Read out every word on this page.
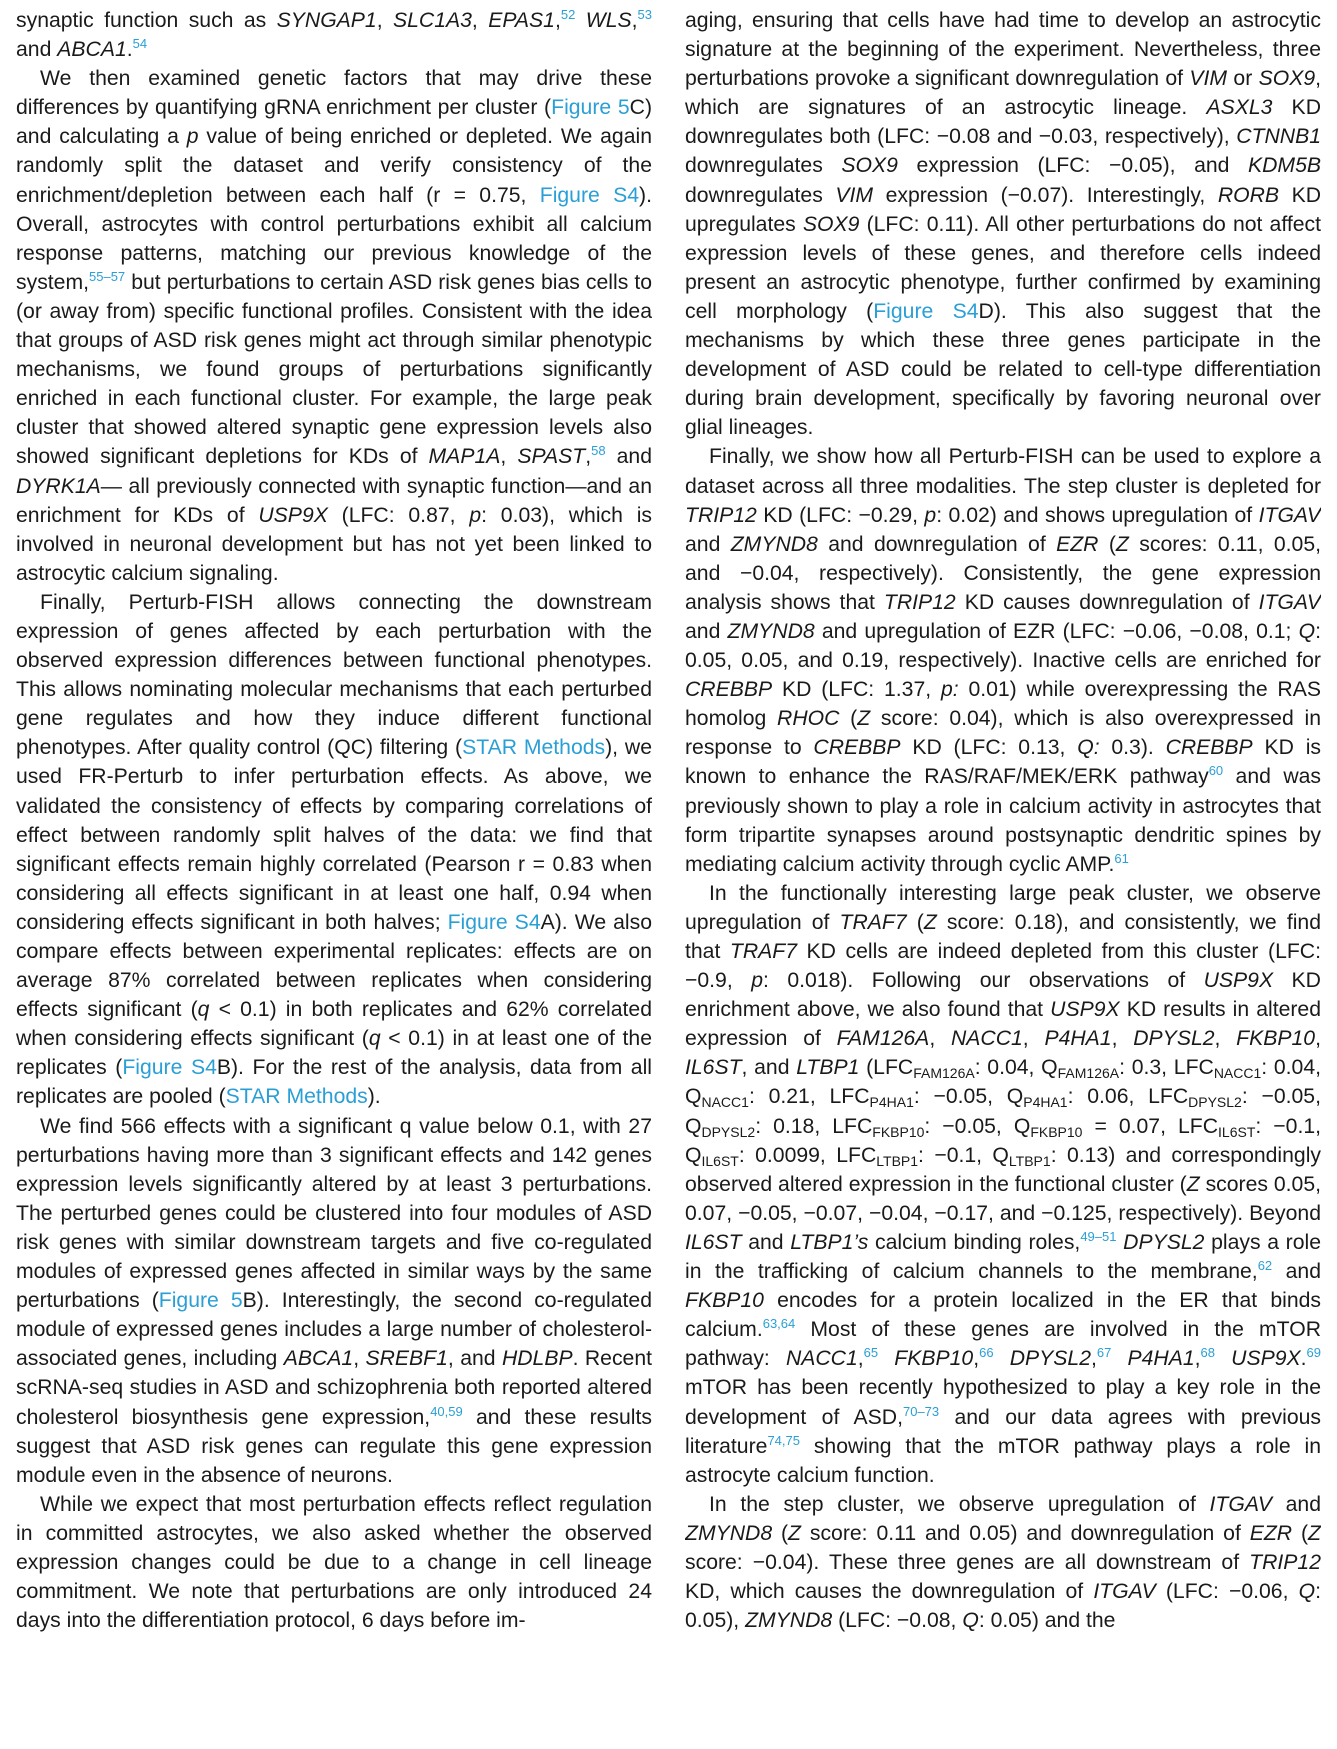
synaptic function such as SYNGAP1, SLC1A3, EPAS1,52 WLS,$^{53}$ and ABCA1.54

We then examined genetic factors that may drive these differences by quantifying gRNA enrichment per cluster (Figure 5C) and calculating a p value of being enriched or depleted. We again randomly split the dataset and verify consistency of the enrichment/depletion between each half (r = 0.75, Figure S4). Overall, astrocytes with control perturbations exhibit all calcium response patterns, matching our previous knowledge of the system,$^{55-57}$ but perturbations to certain ASD risk genes bias cells to (or away from) specific functional profiles. Consistent with the idea that groups of ASD risk genes might act through similar phenotypic mechanisms, we found groups of perturbations significantly enriched in each functional cluster. For example, the large peak cluster that showed altered synaptic gene expression levels also showed significant depletions for KDs of MAP1A, SPAST,$^{58}$ and DYRK1A— all previously connected with synaptic function—and an enrichment for KDs of USP9X (LFC: 0.87, p: 0.03), which is involved in neuronal development but has not yet been linked to astrocytic calcium signaling.

Finally, Perturb-FISH allows connecting the downstream expression of genes affected by each perturbation with the observed expression differences between functional phenotypes. This allows nominating molecular mechanisms that each perturbed gene regulates and how they induce different functional phenotypes. After quality control (QC) filtering (STAR Methods), we used FR-Perturb to infer perturbation effects. As above, we validated the consistency of effects by comparing correlations of effect between randomly split halves of the data: we find that significant effects remain highly correlated (Pearson r = 0.83 when considering all effects significant in at least one half, 0.94 when considering effects significant in both halves; Figure S4A). We also compare effects between experimental replicates: effects are on average 87% correlated between replicates when considering effects significant (q < 0.1) in both replicates and 62% correlated when considering effects significant (q < 0.1) in at least one of the replicates (Figure S4B). For the rest of the analysis, data from all replicates are pooled (STAR Methods).

We find 566 effects with a significant q value below 0.1, with 27 perturbations having more than 3 significant effects and 142 genes expression levels significantly altered by at least 3 perturbations. The perturbed genes could be clustered into four modules of ASD risk genes with similar downstream targets and five co-regulated modules of expressed genes affected in similar ways by the same perturbations (Figure 5B). Interestingly, the second co-regulated module of expressed genes includes a large number of cholesterol-associated genes, including ABCA1, SREBF1, and HDLBP. Recent scRNA-seq studies in ASD and schizophrenia both reported altered cholesterol biosynthesis gene expression,$^{40,59}$ and these results suggest that ASD risk genes can regulate this gene expression module even in the absence of neurons.

While we expect that most perturbation effects reflect regulation in committed astrocytes, we also asked whether the observed expression changes could be due to a change in cell lineage commitment. We note that perturbations are only introduced 24 days into the differentiation protocol, 6 days before im-

aging, ensuring that cells have had time to develop an astrocytic signature at the beginning of the experiment. Nevertheless, three perturbations provoke a significant downregulation of VIM or SOX9, which are signatures of an astrocytic lineage. ASXL3 KD downregulates both (LFC: −0.08 and −0.03, respectively), CTNNB1 downregulates SOX9 expression (LFC: −0.05), and KDM5B downregulates VIM expression (−0.07). Interestingly, RORB KD upregulates SOX9 (LFC: 0.11). All other perturbations do not affect expression levels of these genes, and therefore cells indeed present an astrocytic phenotype, further confirmed by examining cell morphology (Figure S4D). This also suggest that the mechanisms by which these three genes participate in the development of ASD could be related to cell-type differentiation during brain development, specifically by favoring neuronal over glial lineages.

Finally, we show how all Perturb-FISH can be used to explore a dataset across all three modalities. The step cluster is depleted for TRIP12 KD (LFC: −0.29, p: 0.02) and shows upregulation of ITGAV and ZMYND8 and downregulation of EZR (Z scores: 0.11, 0.05, and −0.04, respectively). Consistently, the gene expression analysis shows that TRIP12 KD causes downregulation of ITGAV and ZMYND8 and upregulation of EZR (LFC: −0.06, −0.08, 0.1; Q: 0.05, 0.05, and 0.19, respectively). Inactive cells are enriched for CREBBP KD (LFC: 1.37, p: 0.01) while overexpressing the RAS homolog RHOC (Z score: 0.04), which is also overexpressed in response to CREBBP KD (LFC: 0.13, Q: 0.3). CREBBP KD is known to enhance the RAS/RAF/MEK/ERK pathway$^{60}$ and was previously shown to play a role in calcium activity in astrocytes that form tripartite synapses around postsynaptic dendritic spines by mediating calcium activity through cyclic AMP.$^{61}$

In the functionally interesting large peak cluster, we observe upregulation of TRAF7 (Z score: 0.18), and consistently, we find that TRAF7 KD cells are indeed depleted from this cluster (LFC: −0.9, p: 0.018). Following our observations of USP9X KD enrichment above, we also found that USP9X KD results in altered expression of FAM126A, NACC1, P4HA1, DPYSL2, FKBP10, IL6ST, and LTBP1 ($LFC_{FAM126A}$: 0.04, $Q_{FAM126A}$: 0.3, $LFC_{NACC1}$: 0.04, $Q_{NACC1}$: 0.21, $LFC_{P4HA1}$: −0.05, $Q_{P4HA1}$: 0.06, $LFC_{DPYSL2}$: −0.05, $Q_{DPYSL2}$: 0.18, $LFC_{FKBP10}$: −0.05, $Q_{FKBP10} = 0.07$, $LFC_{IL6ST}$: −0.1, $Q_{IL6ST}$: 0.0099, $LFC_{LTBP1}$: −0.1, $Q_{LTBP1}$: 0.13) and correspondingly observed altered expression in the functional cluster (Z scores 0.05, 0.07, −0.05, −0.07, −0.04, −0.17, and −0.125, respectively). Beyond IL6ST and LTBP1’s calcium binding roles,$^{49-51}$ DPYSL2 plays a role in the trafficking of calcium channels to the membrane,$^{62}$ and FKBP10 encodes for a protein localized in the ER that binds calcium.$^{63,64}$ Most of these genes are involved in the mTOR pathway: NACC1,65 FKBP10,66 DPYSL2,67 P4HA1,68 USP9X.$^{69}$ mTOR has been recently hypothesized to play a key role in the development of ASD,$^{70-73}$ and our data agrees with previous literature$^{74,75}$ showing that the mTOR pathway plays a role in astrocyte calcium function.

In the step cluster, we observe upregulation of ITGAV and ZMYND8 (Z score: 0.11 and 0.05) and downregulation of EZR (Z score: −0.04). These three genes are all downstream of TRIP12 KD, which causes the downregulation of ITGAV (LFC: −0.06, Q: 0.05), ZMYND8 (LFC: −0.08, Q: 0.05) and the
